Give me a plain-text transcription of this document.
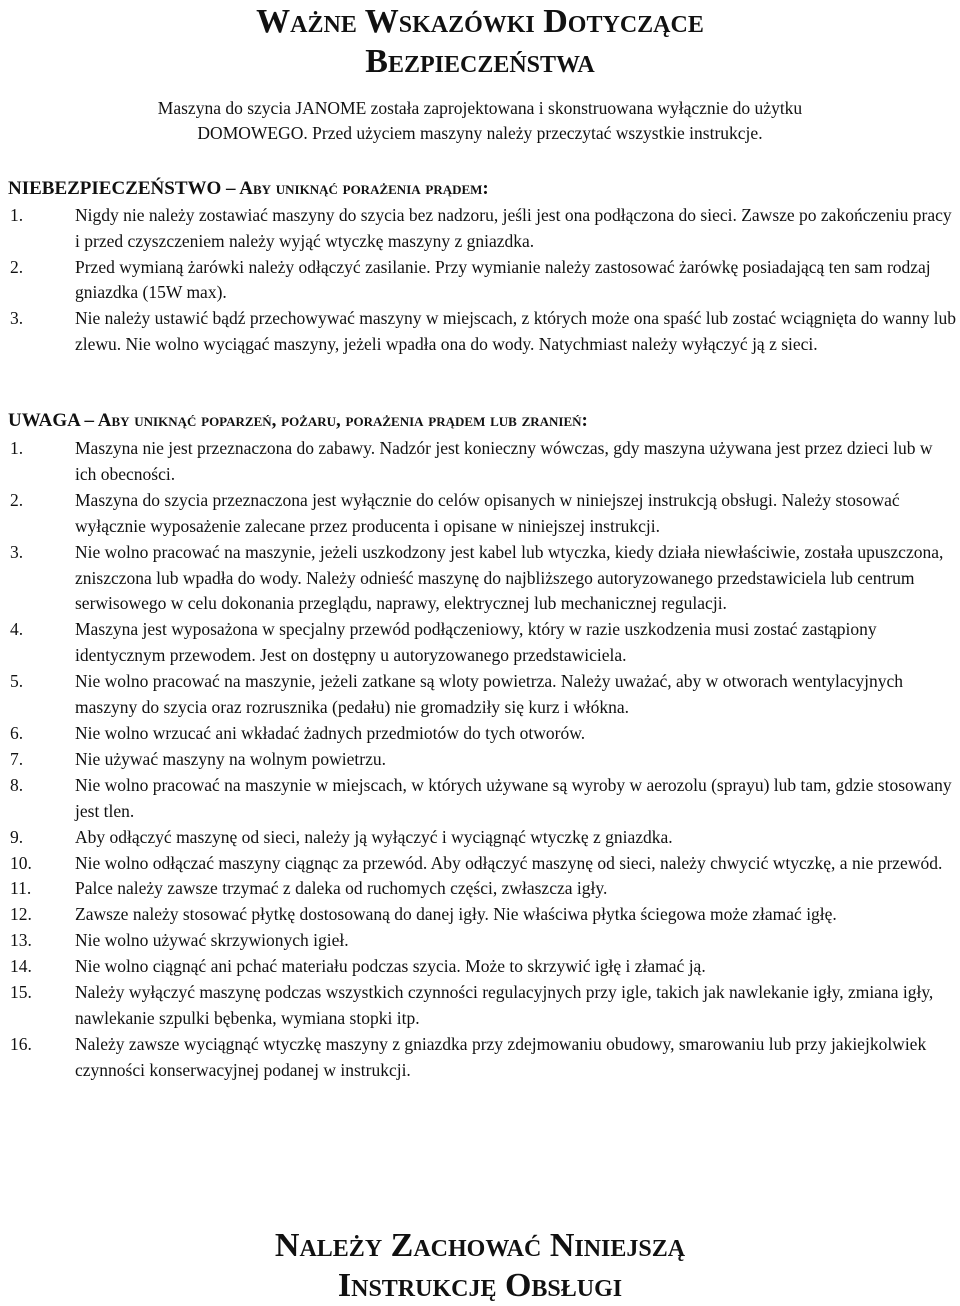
Ważne Wskazówki Dotyczące
Bezpieczeństwa
Maszyna do szycia JANOME została zaprojektowana i skonstruowana wyłącznie do użytku
DOMOWEGO. Przed użyciem maszyny należy przeczytać wszystkie instrukcje.
NIEBEZPIECZEŃSTWO – Aby uniknąć porażenia prądem:
1.	Nigdy nie należy zostawiać maszyny do szycia bez nadzoru, jeśli jest ona podłączona do sieci. Zawsze po zakończeniu pracy i przed czyszczeniem należy wyjąć wtyczkę maszyny z gniazdka.
2.	Przed wymianą żarówki należy odłączyć zasilanie. Przy wymianie należy zastosować żarówkę posiadającą ten sam rodzaj gniazdka (15W max).
3.	Nie należy ustawić bądź przechowywać maszyny w miejscach, z których może ona spaść lub zostać wciągnięta do wanny lub zlewu. Nie wolno wyciągać maszyny, jeżeli wpadła ona do wody. Natychmiast należy wyłączyć ją z sieci.
UWAGA – Aby uniknąć poparzeń, pożaru, porażenia prądem lub zranień:
1.	Maszyna nie jest przeznaczona do zabawy. Nadzór jest konieczny wówczas, gdy maszyna używana jest przez dzieci lub w ich obecności.
2.	Maszyna do szycia przeznaczona jest wyłącznie do celów opisanych w niniejszej instrukcją obsługi. Należy stosować wyłącznie wyposażenie zalecane przez producenta i opisane w niniejszej instrukcji.
3.	Nie wolno pracować na maszynie, jeżeli uszkodzony jest kabel lub wtyczka, kiedy działa niewłaściwie, została upuszczona, zniszczona lub wpadła do wody. Należy odnieść maszynę do najbliższego autoryzowanego przedstawiciela lub centrum serwisowego w celu dokonania przeglądu, naprawy, elektrycznej lub mechanicznej regulacji.
4.	Maszyna jest wyposażona w specjalny przewód podłączeniowy, który w razie uszkodzenia musi zostać zastąpiony identycznym przewodem. Jest on dostępny u autoryzowanego przedstawiciela.
5.	Nie wolno pracować na maszynie, jeżeli zatkane są wloty powietrza. Należy uważać, aby w otworach wentylacyjnych maszyny do szycia oraz rozrusznika (pedału) nie gromadziły się kurz i włókna.
6.	Nie wolno wrzucać ani wkładać żadnych przedmiotów do tych otworów.
7.	Nie używać maszyny na wolnym powietrzu.
8.	Nie wolno pracować na maszynie w miejscach, w których używane są wyroby w aerozolu (sprayu) lub tam, gdzie stosowany jest tlen.
9.	Aby odłączyć maszynę od sieci, należy ją wyłączyć i wyciągnąć wtyczkę z gniazdka.
10.	Nie wolno odłączać maszyny ciągnąc za przewód. Aby odłączyć maszynę od sieci, należy chwycić wtyczkę, a nie przewód.
11.	Palce należy zawsze trzymać z daleka od ruchomych części, zwłaszcza igły.
12.	Zawsze należy stosować płytkę dostosowaną do danej igły. Nie właściwa płytka ściegowa może złamać igłę.
13.	Nie wolno używać skrzywionych igieł.
14.	Nie wolno ciągnąć ani pchać materiału podczas szycia. Może to skrzywić igłę i złamać ją.
15.	Należy wyłączyć maszynę podczas wszystkich czynności regulacyjnych przy igle, takich jak nawlekanie igły, zmiana igły, nawlekanie szpulki bębenka, wymiana stopki itp.
16.	Należy zawsze wyciągnąć wtyczkę maszyny z gniazdka przy zdejmowaniu obudowy, smarowaniu lub przy jakiejkolwiek czynności konserwacyjnej podanej w instrukcji.
Należy Zachować Niniejszą
Instrukcję Obsługi
